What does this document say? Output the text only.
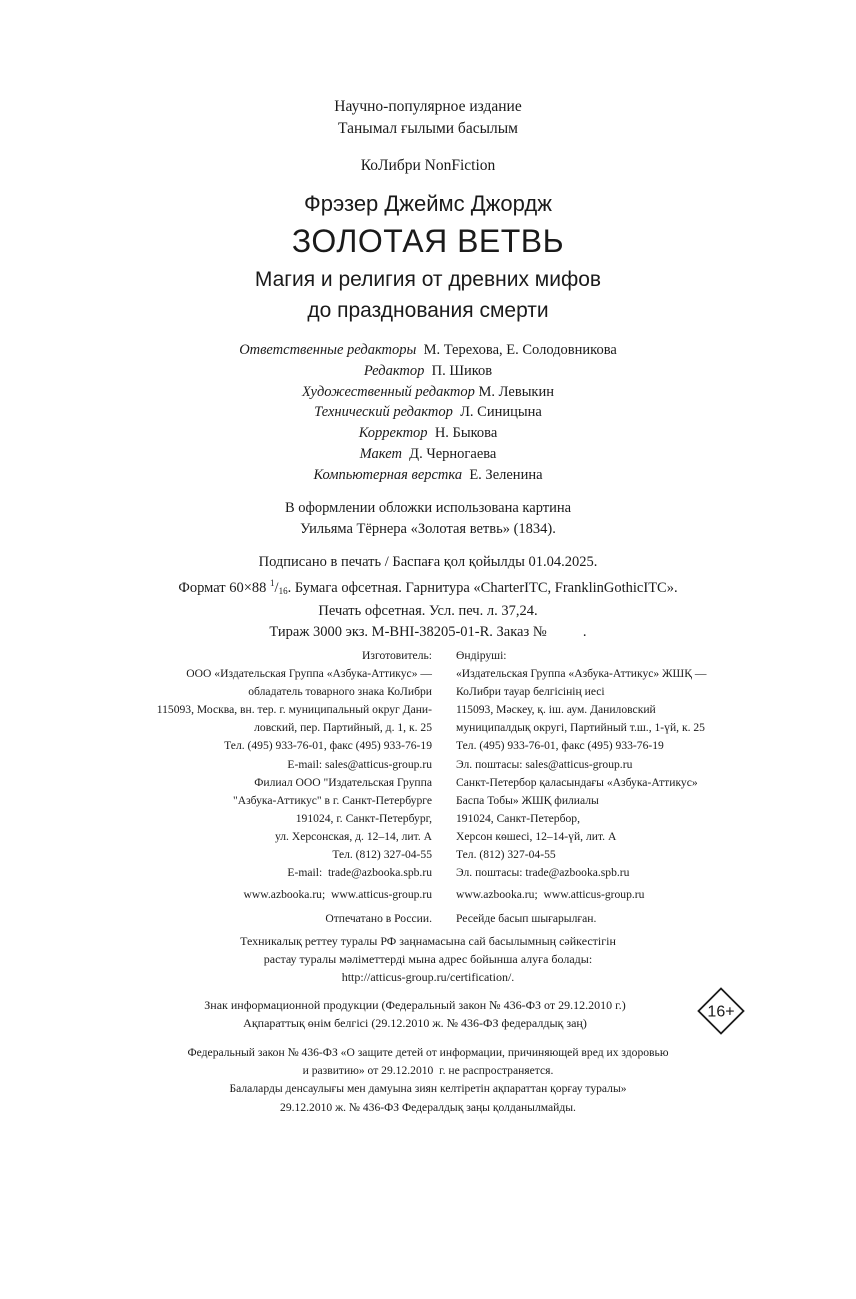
Научно-популярное издание
Танымал ғылыми басылым
КоЛибри NonFiction
Фрэзер Джеймс Джордж
ЗОЛОТАЯ ВЕТВЬ
Магия и религия от древних мифов
до празднования смерти
Ответственные редакторы М. Терехова, Е. Солодовникова
Редактор П. Шиков
Художественный редактор М. Левыкин
Технический редактор Л. Синицына
Корректор Н. Быкова
Макет Д. Черногаева
Компьютерная верстка Е. Зеленина
В оформлении обложки использована картина
Уильяма Тёрнера «Золотая ветвь» (1834).
Подписано в печать / Баспаға қол қойылды 01.04.2025.
Формат 60×88 $^1/_{16}$. Бумага офсетная. Гарнитура «CharterITC, FranklinGothicITC».
Печать офсетная. Усл. печ. л. 37,24.
Тираж 3000 экз. М-ВНІ-38205-01-R. Заказ №          .
Изготовитель:
ООО «Издательская Группа «Азбука-Аттикус» —
обладатель товарного знака КоЛибри
115093, Москва, вн. тер. г. муниципальный округ Дани-
ловский, пер. Партийный, д. 1, к. 25
Тел. (495) 933-76-01, факс (495) 933-76-19
E-mail: sales@atticus-group.ru
Филиал ООО "Издательская Группа
"Азбука-Аттикус" в г. Санкт-Петербурге
191024, г. Санкт-Петербург,
ул. Херсонская, д. 12–14, лит. А
Тел. (812) 327-04-55
E-mail:  trade@azbooka.spb.ru
www.azbooka.ru;  www.atticus-group.ru
Отпечатано в России.
Өндіруші:
«Издательская Группа «Азбука-Аттикус» ЖШҚ —
КоЛибри тауар белгісінің иесі
115093, Мәскеу, қ. іш. аум. Даниловский
муниципалдық округі, Партийный т.ш., 1-үй, к. 25
Тел. (495) 933-76-01, факс (495) 933-76-19
Эл. поштасы: sales@atticus-group.ru
Санкт-Петербор қаласындағы «Азбука-Аттикус»
Баспа Тобы» ЖШҚ филиалы
191024, Санкт-Петербор,
Херсон көшесі, 12–14-үй, лит. А
Тел. (812) 327-04-55
Эл. поштасы: trade@azbooka.spb.ru
www.azbooka.ru;  www.atticus-group.ru
Ресейде басып шығарылған.
Техникалық реттеу туралы РФ заңнамасына сай басылымның сәйкестігін
растау туралы мәліметтерді мына адрес бойынша алуға болады:
http://atticus-group.ru/certification/.
Знак информационной продукции (Федеральный закон № 436-ФЗ от 29.12.2010 г.)
Ақпараттық өнім белгісі (29.12.2010 ж. № 436-ФЗ федералдық заң)
16+
Федеральный закон № 436-ФЗ «О защите детей от информации, причиняющей вред их здоровью
и развитию» от 29.12.2010  г. не распространяется.
Балаларды денсаулығы мен дамуына зиян келтіретін ақпараттан қорғау туралы»
29.12.2010 ж. № 436-ФЗ Федералдық заңы қолданылмайды.
